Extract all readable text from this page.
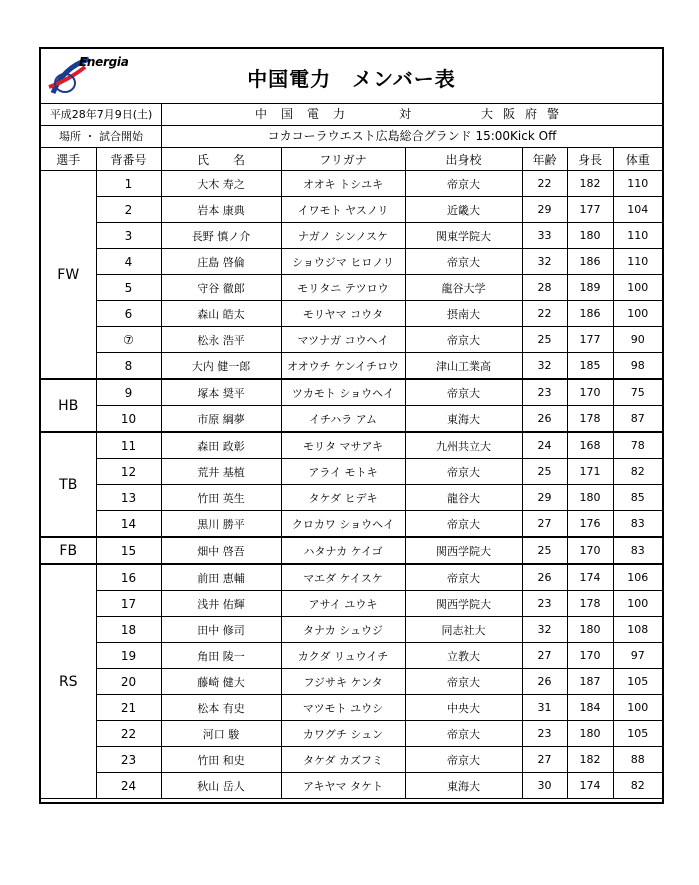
Energia
中国電力　メンバー表
平成28年7月9日(土)	中国電力	対	大阪府警
場所 ・ 試合開始	コカコーラウエスト広島総合グランド 15:00Kick Off
選手	背番号	氏　　名	フリガナ	出身校	年齢	身長	体重
FW	1	大木 寿之	オオキ トシユキ	帝京大	22	182	110
	2	岩本 康典	イワモト ヤスノリ	近畿大	29	177	104
	3	長野 慎ノ介	ナガノ シンノスケ	関東学院大	33	180	110
	4	庄島 啓倫	ショウジマ ヒロノリ	帝京大	32	186	110
	5	守谷 徹郎	モリタニ テツロウ	龍谷大学	28	189	100
	6	森山 皓太	モリヤマ コウタ	摂南大	22	186	100
	⑦	松永 浩平	マツナガ コウヘイ	帝京大	25	177	90
	8	大内 健一郎	オオウチ ケンイチロウ	津山工業高	32	185	98
HB	9	塚本 奨平	ツカモト ショウヘイ	帝京大	23	170	75
	10	市原 綱夢	イチハラ アム	東海大	26	178	87
TB	11	森田 政彰	モリタ マサアキ	九州共立大	24	168	78
	12	荒井 基植	アライ モトキ	帝京大	25	171	82
	13	竹田 英生	タケダ ヒデキ	龍谷大	29	180	85
	14	黒川 勝平	クロカワ ショウヘイ	帝京大	27	176	83
FB	15	畑中 啓吾	ハタナカ ケイゴ	関西学院大	25	170	83
RS	16	前田 恵輔	マエダ ケイスケ	帝京大	26	174	106
	17	浅井 佑輝	アサイ ユウキ	関西学院大	23	178	100
	18	田中 修司	タナカ シュウジ	同志社大	32	180	108
	19	角田 陵一	カクダ リュウイチ	立教大	27	170	97
	20	藤崎 健大	フジサキ ケンタ	帝京大	26	187	105
	21	松本 有史	マツモト ユウシ	中央大	31	184	100
	22	河口 駿	カワグチ シュン	帝京大	23	180	105
	23	竹田 和史	タケダ カズフミ	帝京大	27	182	88
	24	秋山 岳人	アキヤマ タケト	東海大	30	174	82
